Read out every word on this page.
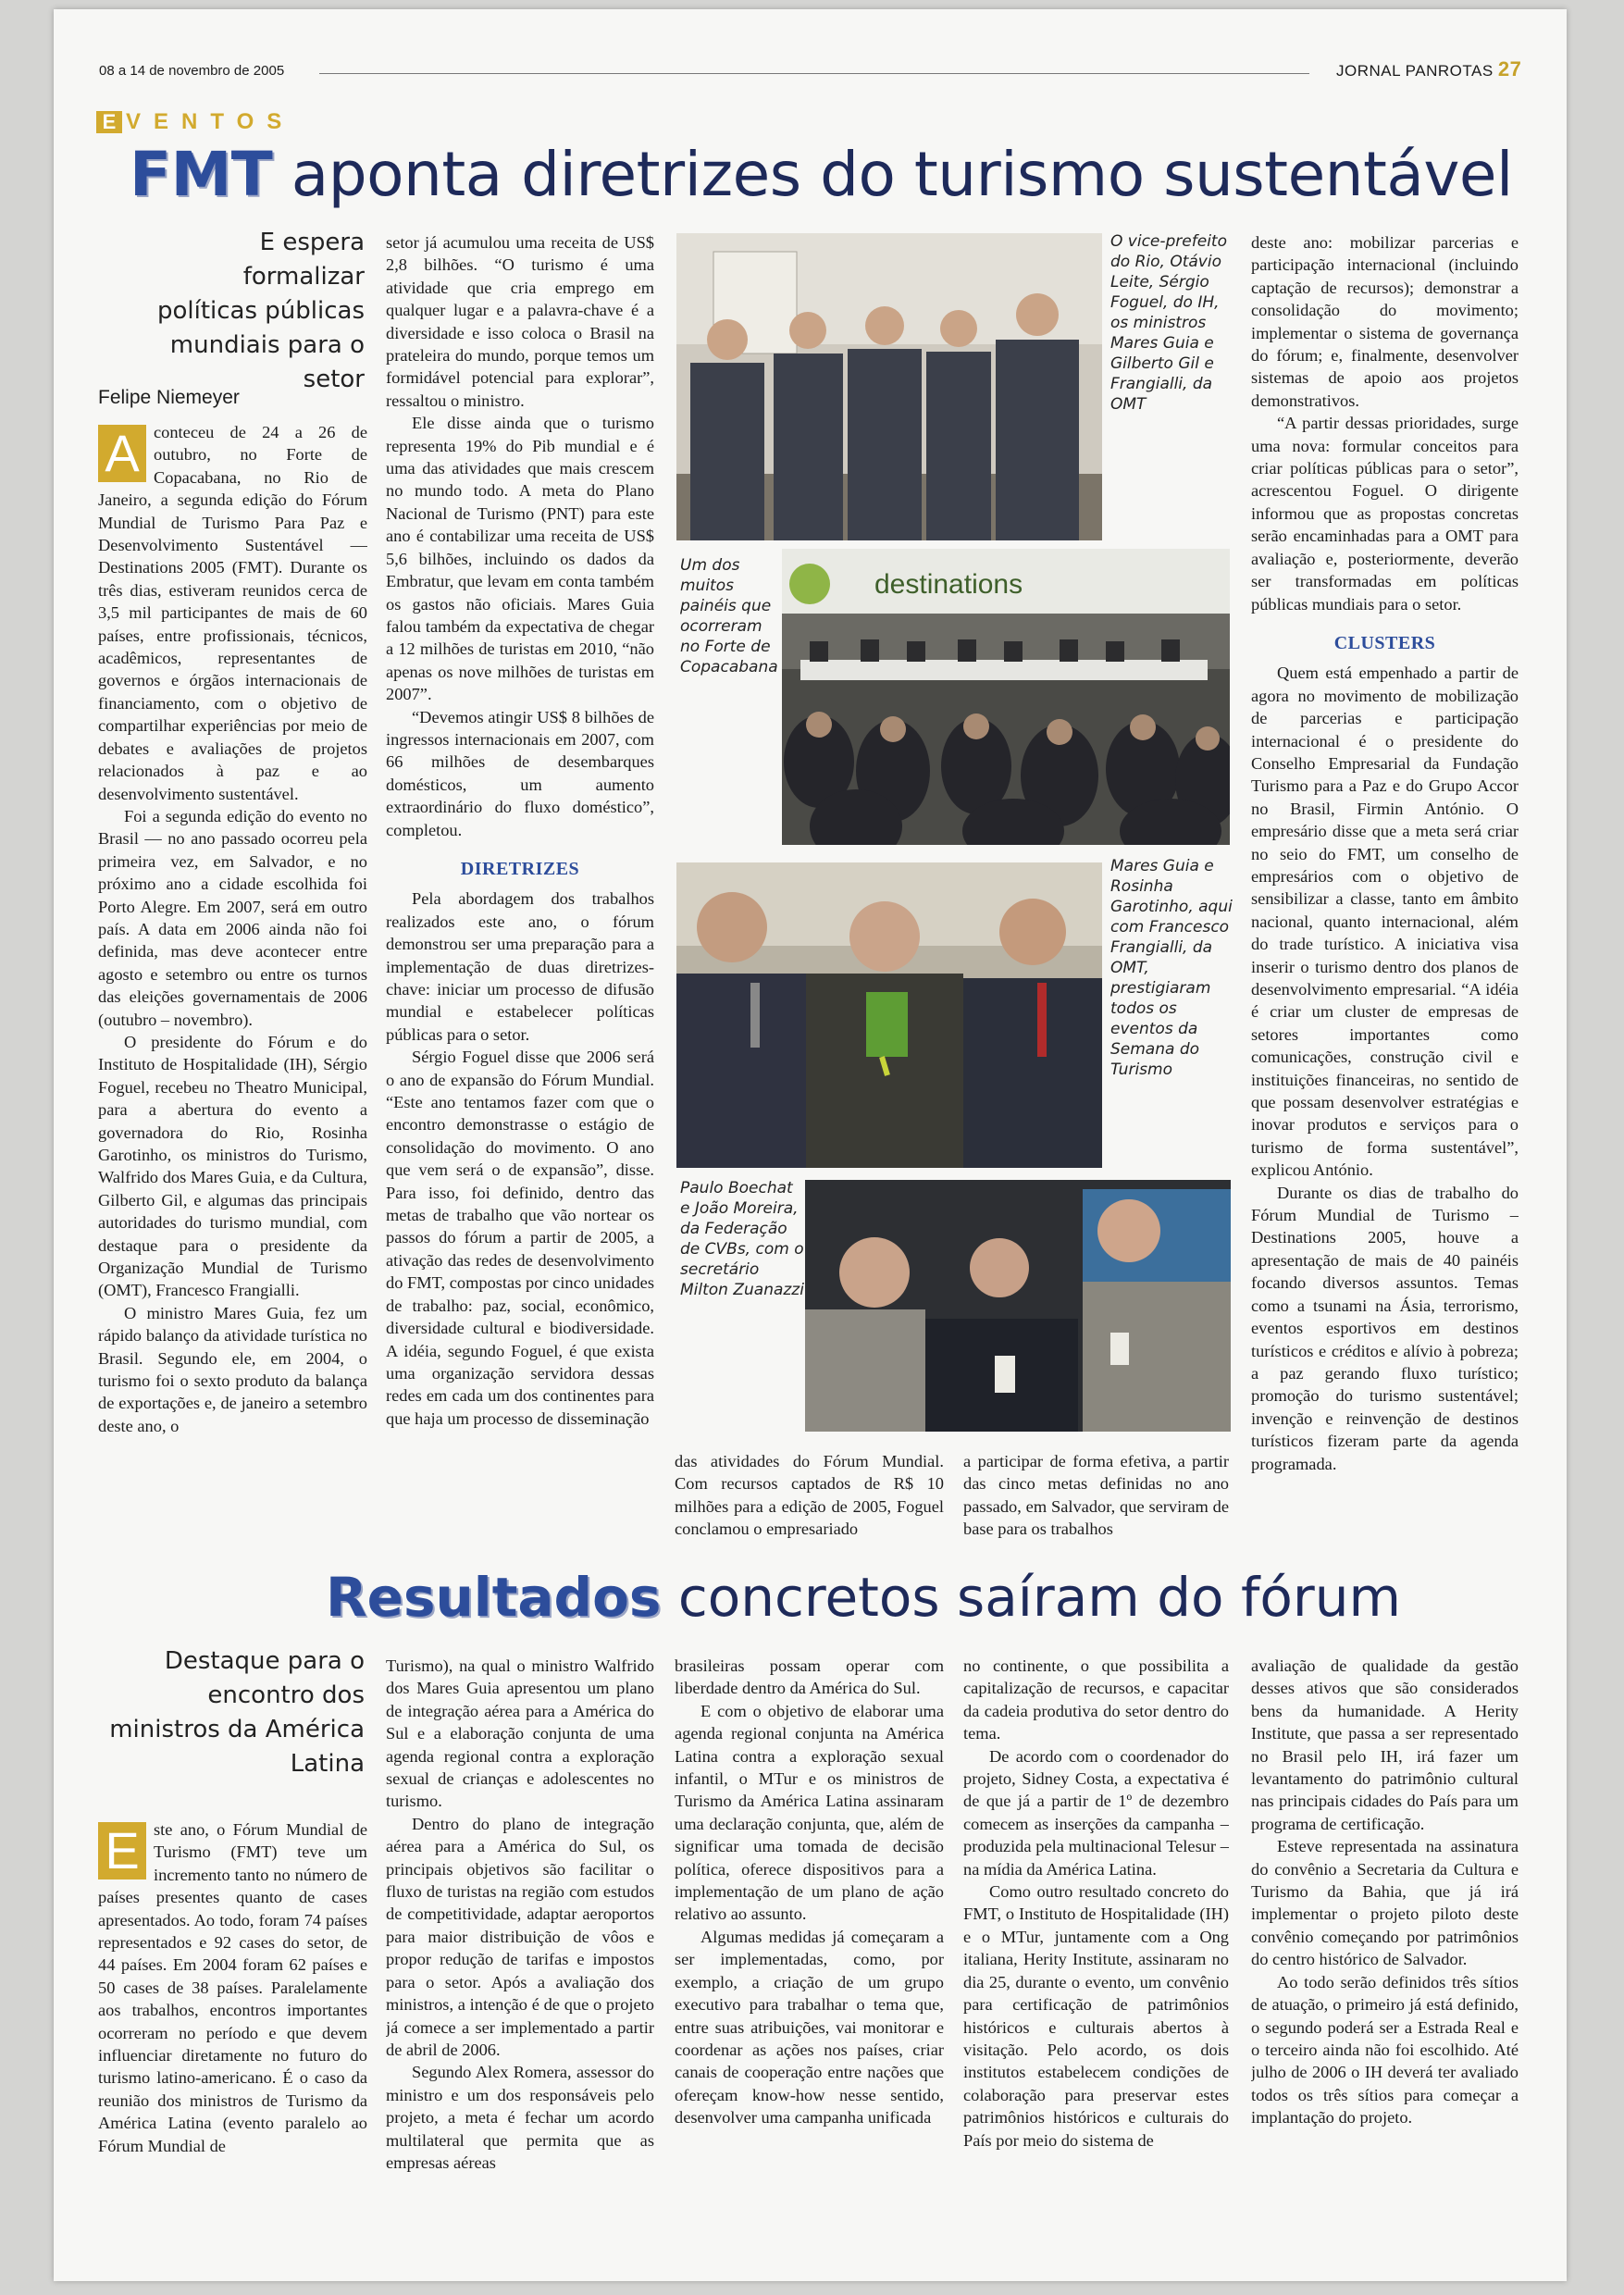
08 a 14 de novembro de 2005	JORNAL PANROTAS 27
E VENTOS
FMT aponta diretrizes do turismo sustentável
E espera formalizar políticas públicas mundiais para o setor
Felipe Niemeyer
A conteceu de 24 a 26 de outubro, no Forte de Copacabana, no Rio de Janeiro, a segunda edição do Fórum Mundial de Turismo Para Paz e Desenvolvimento Sustentável — Destinations 2005 (FMT). Durante os três dias, estiveram reunidos cerca de 3,5 mil participantes de mais de 60 países, entre profissionais, técnicos, acadêmicos, representantes de governos e órgãos internacionais de financiamento, com o objetivo de compartilhar experiências por meio de debates e avaliações de projetos relacionados à paz e ao desenvolvimento sustentável.

Foi a segunda edição do evento no Brasil — no ano passado ocorreu pela primeira vez, em Salvador, e no próximo ano a cidade escolhida foi Porto Alegre. Em 2007, será em outro país. A data em 2006 ainda não foi definida, mas deve acontecer entre agosto e setembro ou entre os turnos das eleições governamentais de 2006 (outubro – novembro).

O presidente do Fórum e do Instituto de Hospitalidade (IH), Sérgio Foguel, recebeu no Theatro Municipal, para a abertura do evento a governadora do Rio, Rosinha Garotinho, os ministros do Turismo, Walfrido dos Mares Guia, e da Cultura, Gilberto Gil, e algumas das principais autoridades do turismo mundial, com destaque para o presidente da Organização Mundial de Turismo (OMT), Francesco Frangialli.

O ministro Mares Guia, fez um rápido balanço da atividade turística no Brasil. Segundo ele, em 2004, o turismo foi o sexto produto da balança de exportações e, de janeiro a setembro deste ano, o

setor já acumulou uma receita de US$ 2,8 bilhões. “O turismo é uma atividade que cria emprego em qualquer lugar e a palavra-chave é a diversidade e isso coloca o Brasil na prateleira do mundo, porque temos um formidável potencial para explorar”, ressaltou o ministro.

Ele disse ainda que o turismo representa 19% do Pib mundial e é uma das atividades que mais crescem no mundo todo. A meta do Plano Nacional de Turismo (PNT) para este ano é contabilizar uma receita de US$ 5,6 bilhões, incluindo os dados da Embratur, que levam em conta também os gastos não oficiais. Mares Guia falou também da expectativa de chegar a 12 milhões de turistas em 2010, “não apenas os nove milhões de turistas em 2007”.

“Devemos atingir US$ 8 bilhões de ingressos internacionais em 2007, com 66 milhões de desembarques domésticos, um aumento extraordinário do fluxo doméstico”, completou.

DIRETRIZES

Pela abordagem dos trabalhos realizados este ano, o fórum demonstrou ser uma preparação para a implementação de duas diretrizes-chave: iniciar um processo de difusão mundial e estabelecer políticas públicas para o setor.

Sérgio Foguel disse que 2006 será o ano de expansão do Fórum Mundial. “Este ano tentamos fazer com que o encontro demonstrasse o estágio de consolidação do movimento. O ano que vem será o de expansão”, disse. Para isso, foi definido, dentro das metas de trabalho que vão nortear os passos do fórum a partir de 2005, a ativação das redes de desenvolvimento do FMT, compostas por cinco unidades de trabalho: paz, social, econômico, diversidade cultural e biodiversidade. A idéia, segundo Foguel, é que exista uma organização servidora dessas redes em cada um dos continentes para que haja um processo de disseminação

das atividades do Fórum Mundial. Com recursos captados de R$ 10 milhões para a edição de 2005, Foguel conclamou o empresariado

a participar de forma efetiva, a partir das cinco metas definidas no ano passado, em Salvador, que serviram de base para os trabalhos

deste ano: mobilizar parcerias e participação internacional (incluindo captação de recursos); demonstrar a consolidação do movimento; implementar o sistema de governança do fórum; e, finalmente, desenvolver sistemas de apoio aos projetos demonstrativos.

“A partir dessas prioridades, surge uma nova: formular conceitos para criar políticas públicas para o setor”, acrescentou Foguel. O dirigente informou que as propostas concretas serão encaminhadas para a OMT para avaliação e, posteriormente, deverão ser transformadas em políticas públicas mundiais para o setor.

CLUSTERS

Quem está empenhado a partir de agora no movimento de mobilização de parcerias e participação internacional é o presidente do Conselho Empresarial da Fundação Turismo para a Paz e do Grupo Accor no Brasil, Firmin António. O empresário disse que a meta será criar no seio do FMT, um conselho de empresários com o objetivo de sensibilizar a classe, tanto em âmbito nacional, quanto internacional, além do trade turístico. A iniciativa visa inserir o turismo dentro dos planos de desenvolvimento empresarial. “A idéia é criar um cluster de empresas de setores importantes como comunicações, construção civil e instituições financeiras, no sentido de que possam desenvolver estratégias e inovar produtos e serviços para o turismo de forma sustentável”, explicou António.

Durante os dias de trabalho do Fórum Mundial de Turismo – Destinations 2005, houve a apresentação de mais de 40 painéis focando diversos assuntos. Temas como a tsunami na Ásia, terrorismo, eventos esportivos em destinos turísticos e créditos e alívio à pobreza; a paz gerando fluxo turístico; promoção do turismo sustentável; invenção e reinvenção de destinos turísticos fizeram parte da agenda programada.

O vice-prefeito do Rio, Otávio Leite, Sérgio Foguel, do IH, os ministros Mares Guia e Gilberto Gil e Frangialli, da OMT
Um dos muitos painéis que ocorreram no Forte de Copacabana
destinations
Mares Guia e Rosinha Garotinho, aqui com Francesco Frangialli, da OMT, prestigiaram todos os eventos da Semana do Turismo
Paulo Boechat e João Moreira, da Federação de CVBs, com o secretário Milton Zuanazzi
Resultados concretos saíram do fórum
Destaque para o encontro dos ministros da América Latina
E ste ano, o Fórum Mundial de Turismo (FMT) teve um incremento tanto no número de países presentes quanto de cases apresentados. Ao todo, foram 74 países representados e 92 cases do setor, de 44 países. Em 2004 foram 62 países e 50 cases de 38 países. Paralelamente aos trabalhos, encontros importantes ocorreram no período e que devem influenciar diretamente no futuro do turismo latino-americano. É o caso da reunião dos ministros de Turismo da América Latina (evento paralelo ao Fórum Mundial de

Turismo), na qual o ministro Walfrido dos Mares Guia apresentou um plano de integração aérea para a América do Sul e a elaboração conjunta de uma agenda regional contra a exploração sexual de crianças e adolescentes no turismo.

Dentro do plano de integração aérea para a América do Sul, os principais objetivos são facilitar o fluxo de turistas na região com estudos de competitividade, adaptar aeroportos para maior distribuição de vôos e propor redução de tarifas e impostos para o setor. Após a avaliação dos ministros, a intenção é de que o projeto já comece a ser implementado a partir de abril de 2006.

Segundo Alex Romera, assessor do ministro e um dos responsáveis pelo projeto, a meta é fechar um acordo multilateral que permita que as empresas aéreas

brasileiras possam operar com liberdade dentro da América do Sul.

E com o objetivo de elaborar uma agenda regional conjunta na América Latina contra a exploração sexual infantil, o MTur e os ministros de Turismo da América Latina assinaram uma declaração conjunta, que, além de significar uma tomada de decisão política, oferece dispositivos para a implementação de um plano de ação relativo ao assunto.

Algumas medidas já começaram a ser implementadas, como, por exemplo, a criação de um grupo executivo para trabalhar o tema que, entre suas atribuições, vai monitorar e coordenar as ações nos países, criar canais de cooperação entre nações que ofereçam know-how nesse sentido, desenvolver uma campanha unificada

no continente, o que possibilita a capitalização de recursos, e capacitar da cadeia produtiva do setor dentro do tema.

De acordo com o coordenador do projeto, Sidney Costa, a expectativa é de que já a partir de 1º de dezembro comecem as inserções da campanha – produzida pela multinacional Telesur – na mídia da América Latina.

Como outro resultado concreto do FMT, o Instituto de Hospitalidade (IH) e o MTur, juntamente com a Ong italiana, Herity Institute, assinaram no dia 25, durante o evento, um convênio para certificação de patrimônios históricos e culturais abertos à visitação. Pelo acordo, os dois institutos estabelecem condições de colaboração para preservar estes patrimônios históricos e culturais do País por meio do sistema de

avaliação de qualidade da gestão desses ativos que são considerados bens da humanidade. A Herity Institute, que passa a ser representado no Brasil pelo IH, irá fazer um levantamento do patrimônio cultural nas principais cidades do País para um programa de certificação.

Esteve representada na assinatura do convênio a Secretaria da Cultura e Turismo da Bahia, que já irá implementar o projeto piloto deste convênio começando por patrimônios do centro histórico de Salvador.

Ao todo serão definidos três sítios de atuação, o primeiro já está definido, o segundo poderá ser a Estrada Real e o terceiro ainda não foi escolhido. Até julho de 2006 o IH deverá ter avaliado todos os três sítios para começar a implantação do projeto.
